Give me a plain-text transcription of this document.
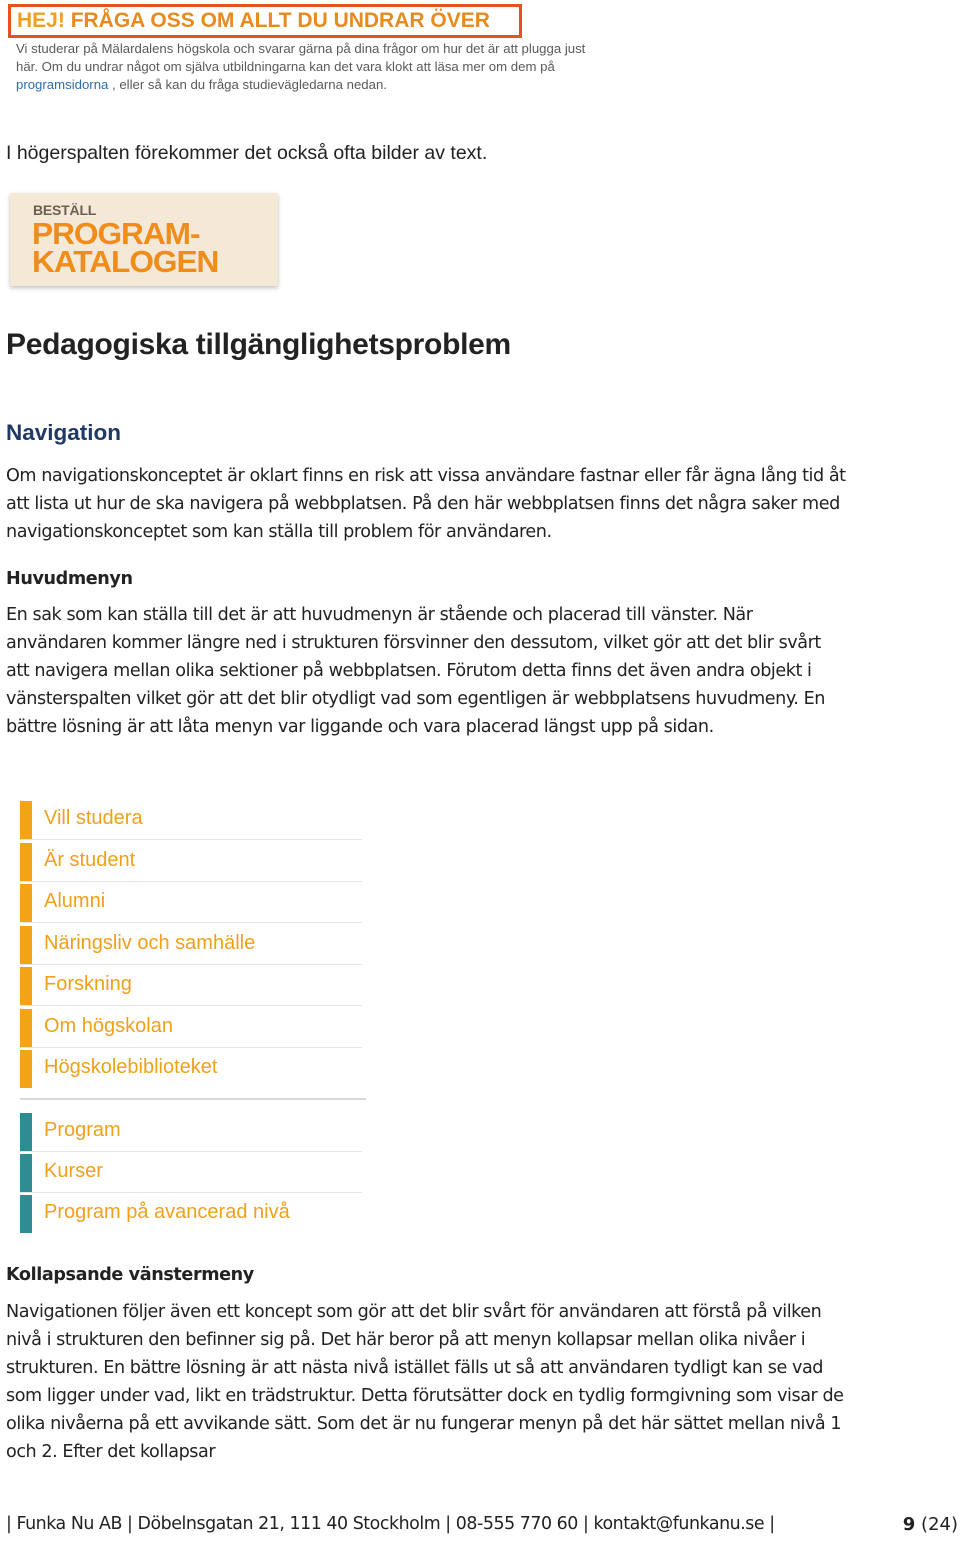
HEJ! FRÅGA OSS OM ALLT DU UNDRAR ÖVER
Vi studerar på Mälardalens högskola och svarar gärna på dina frågor om hur det är att plugga just här. Om du undrar något om själva utbildningarna kan det vara klokt att läsa mer om dem på programsidorna , eller så kan du fråga studievägledarna nedan.
I högerspalten förekommer det också ofta bilder av text.
BESTÄLL
PROGRAM-
KATALOGEN
Pedagogiska tillgänglighetsproblem
Navigation
Om navigationskonceptet är oklart finns en risk att vissa användare fastnar eller får ägna lång tid åt att lista ut hur de ska navigera på webbplatsen. På den här webbplatsen finns det några saker med navigationskonceptet som kan ställa till problem för användaren.
Huvudmenyn
En sak som kan ställa till det är att huvudmenyn är stående och placerad till vänster. När användaren kommer längre ned i strukturen försvinner den dessutom, vilket gör att det blir svårt att navigera mellan olika sektioner på webbplatsen. Förutom detta finns det även andra objekt i vänsterspalten vilket gör att det blir otydligt vad som egentligen är webbplatsens huvudmeny. En bättre lösning är att låta menyn var liggande och vara placerad längst upp på sidan.
Vill studera
Är student
Alumni
Näringsliv och samhälle
Forskning
Om högskolan
Högskolebiblioteket
Program
Kurser
Program på avancerad nivå
Kollapsande vänstermeny
Navigationen följer även ett koncept som gör att det blir svårt för användaren att förstå på vilken nivå i strukturen den befinner sig på. Det här beror på att menyn kollapsar mellan olika nivåer i strukturen. En bättre lösning är att nästa nivå istället fälls ut så att användaren tydligt kan se vad som ligger under vad, likt en trädstruktur. Detta förutsätter dock en tydlig formgivning som visar de olika nivåerna på ett avvikande sätt. Som det är nu fungerar menyn på det här sättet mellan nivå 1 och 2. Efter det kollapsar
| Funka Nu AB | Döbelnsgatan 21, 111 40 Stockholm | 08-555 770 60 | kontakt@funkanu.se |	9 (24)
